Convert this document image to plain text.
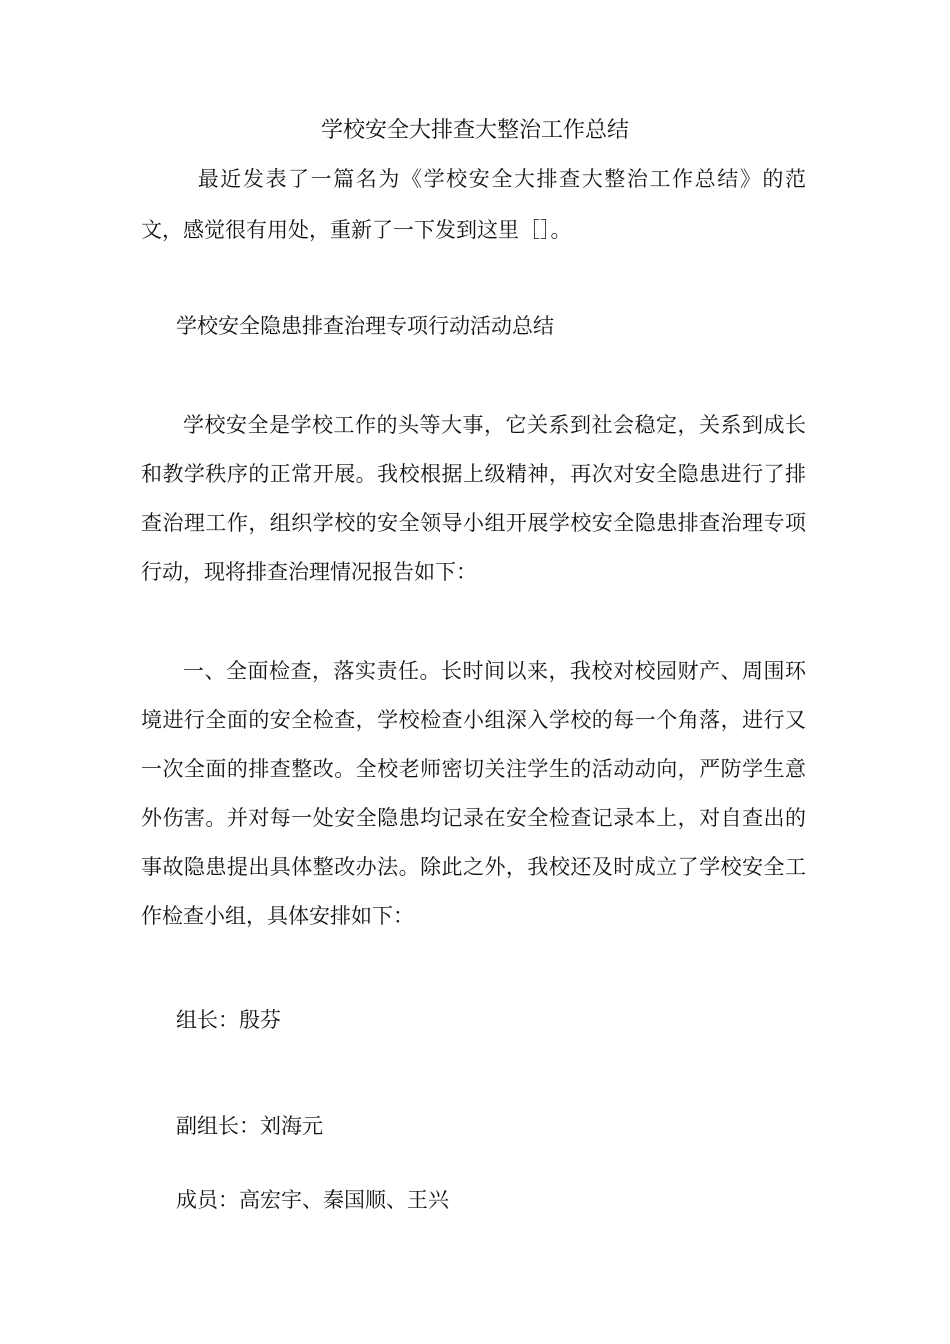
学校安全大排查大整治工作总结

最近发表了一篇名为《学校安全大排查大整治工作总结》的范文，感觉很有用处，重新了一下发到这里［］。

学校安全隐患排查治理专项行动活动总结

学校安全是学校工作的头等大事，它关系到社会稳定，关系到成长和教学秩序的正常开展。我校根据上级精神，再次对安全隐患进行了排查治理工作，组织学校的安全领导小组开展学校安全隐患排查治理专项行动，现将排查治理情况报告如下：

一、全面检查，落实责任。长时间以来，我校对校园财产、周围环境进行全面的安全检查，学校检查小组深入学校的每一个角落，进行又一次全面的排查整改。全校老师密切关注学生的活动动向，严防学生意外伤害。并对每一处安全隐患均记录在安全检查记录本上，对自查出的事故隐患提出具体整改办法。除此之外，我校还及时成立了学校安全工作检查小组，具体安排如下：

组长：殷芬

副组长：刘海元

成员：高宏宇、秦国顺、王兴
